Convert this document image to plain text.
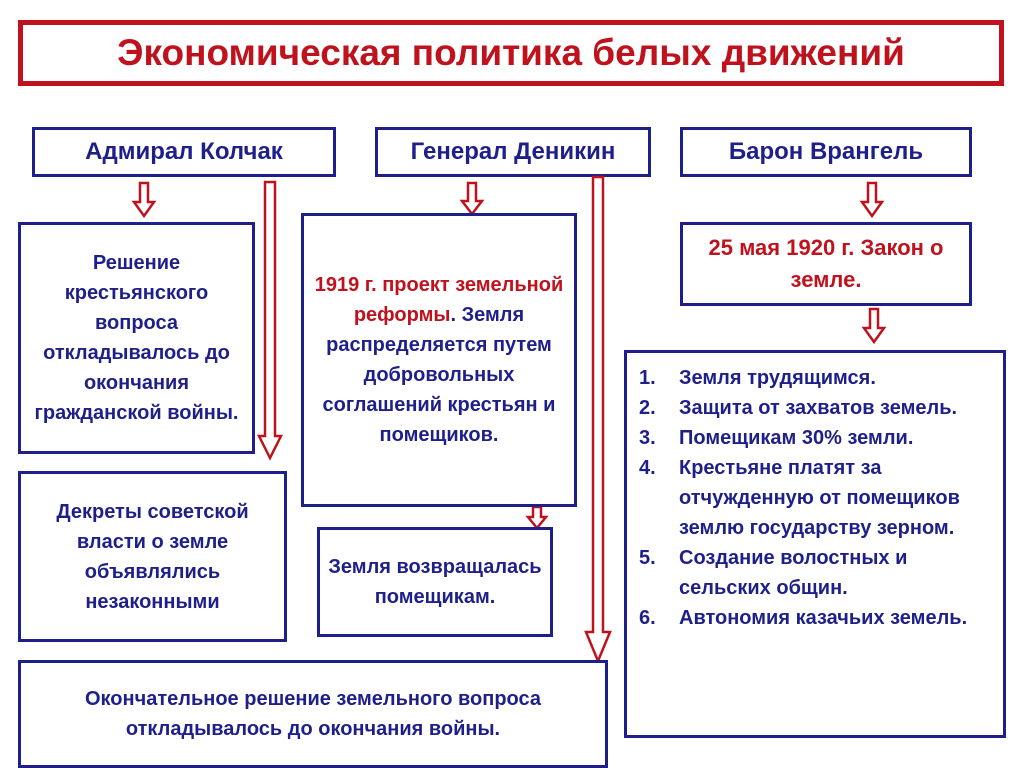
Экономическая политика белых движений
Адмирал Колчак	Генерал Деникин	Барон Врангель
Решение крестьянского вопроса откладывалось до окончания гражданской войны.
Декреты советской власти о земле объявлялись незаконными
1919 г. проект земельной реформы. Земля распределяется путем добровольных соглашений крестьян и помещиков.
Земля возвращалась помещикам.
Окончательное решение земельного вопроса откладывалось до окончания войны.
25 мая 1920 г. Закон о земле.
1.	Земля трудящимся.
2.	Защита от захватов земель.
3.	Помещикам 30% земли.
4.	Крестьяне платят за отчужденную от помещиков землю государству зерном.
5.	Создание волостных и сельских общин.
6.	Автономия казачьих земель.
